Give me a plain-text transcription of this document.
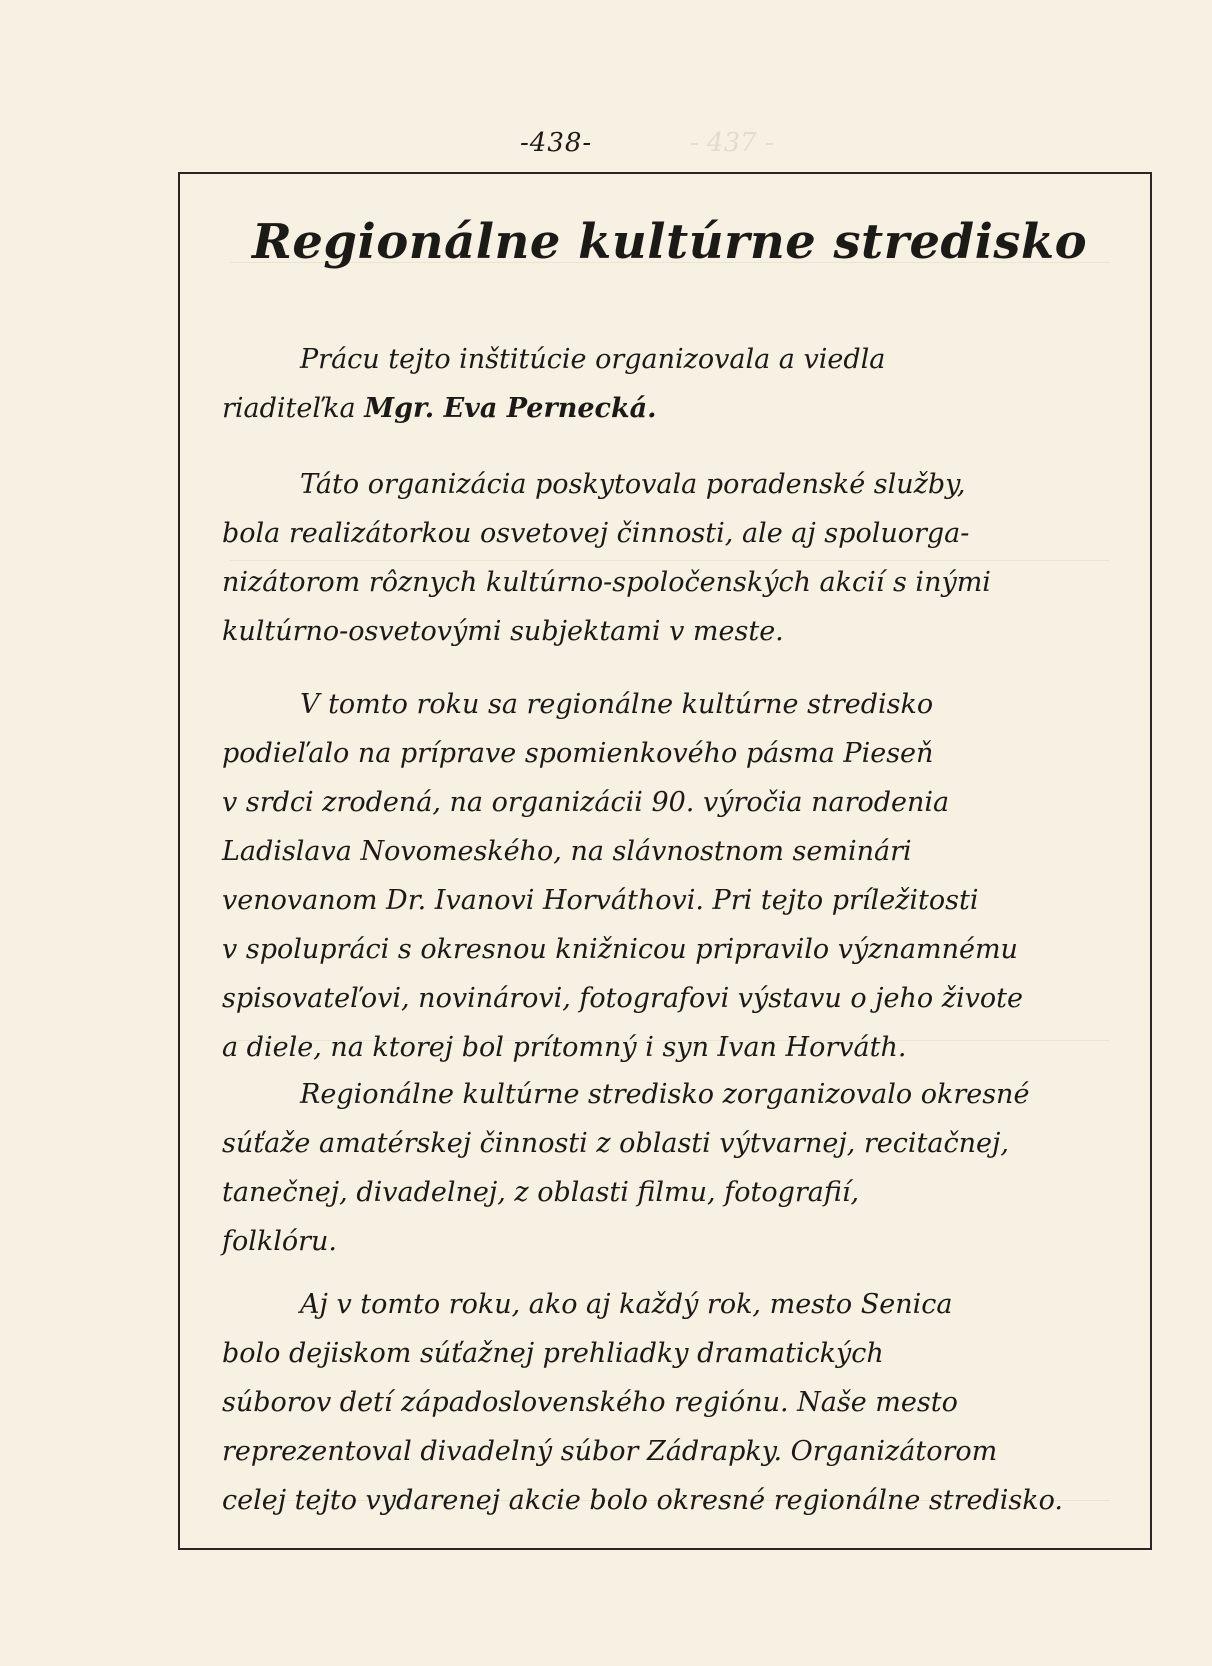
-438-	- 437 -
Regionálne kultúrne stredisko
Prácu tejto inštitúcie organizovala a viedla
riaditeľka Mgr. Eva Pernecká.
Táto organizácia poskytovala poradenské služby,
bola realizátorkou osvetovej činnosti, ale aj spoluorga-
nizátorom rôznych kultúrno-spoločenských akcií s inými
kultúrno-osvetovými subjektami v meste.
V tomto roku sa regionálne kultúrne stredisko
podieľalo na príprave spomienkového pásma Pieseň
v srdci zrodená, na organizácii 90. výročia narodenia
Ladislava Novomeského, na slávnostnom seminári
venovanom Dr. Ivanovi Horváthovi. Pri tejto príležitosti
v spolupráci s okresnou knižnicou pripravilo významnému
spisovateľovi, novinárovi, fotografovi výstavu o jeho živote
a diele, na ktorej bol prítomný i syn Ivan Horváth.
Regionálne kultúrne stredisko zorganizovalo okresné
súťaže amatérskej činnosti z oblasti výtvarnej, recitačnej,
tanečnej, divadelnej, z oblasti filmu, fotografií,
folklóru.
Aj v tomto roku, ako aj každý rok, mesto Senica
bolo dejiskom súťažnej prehliadky dramatických
súborov detí západoslovenského regiónu. Naše mesto
reprezentoval divadelný súbor Zádrapky. Organizátorom
celej tejto vydarenej akcie bolo okresné regionálne stredisko.
